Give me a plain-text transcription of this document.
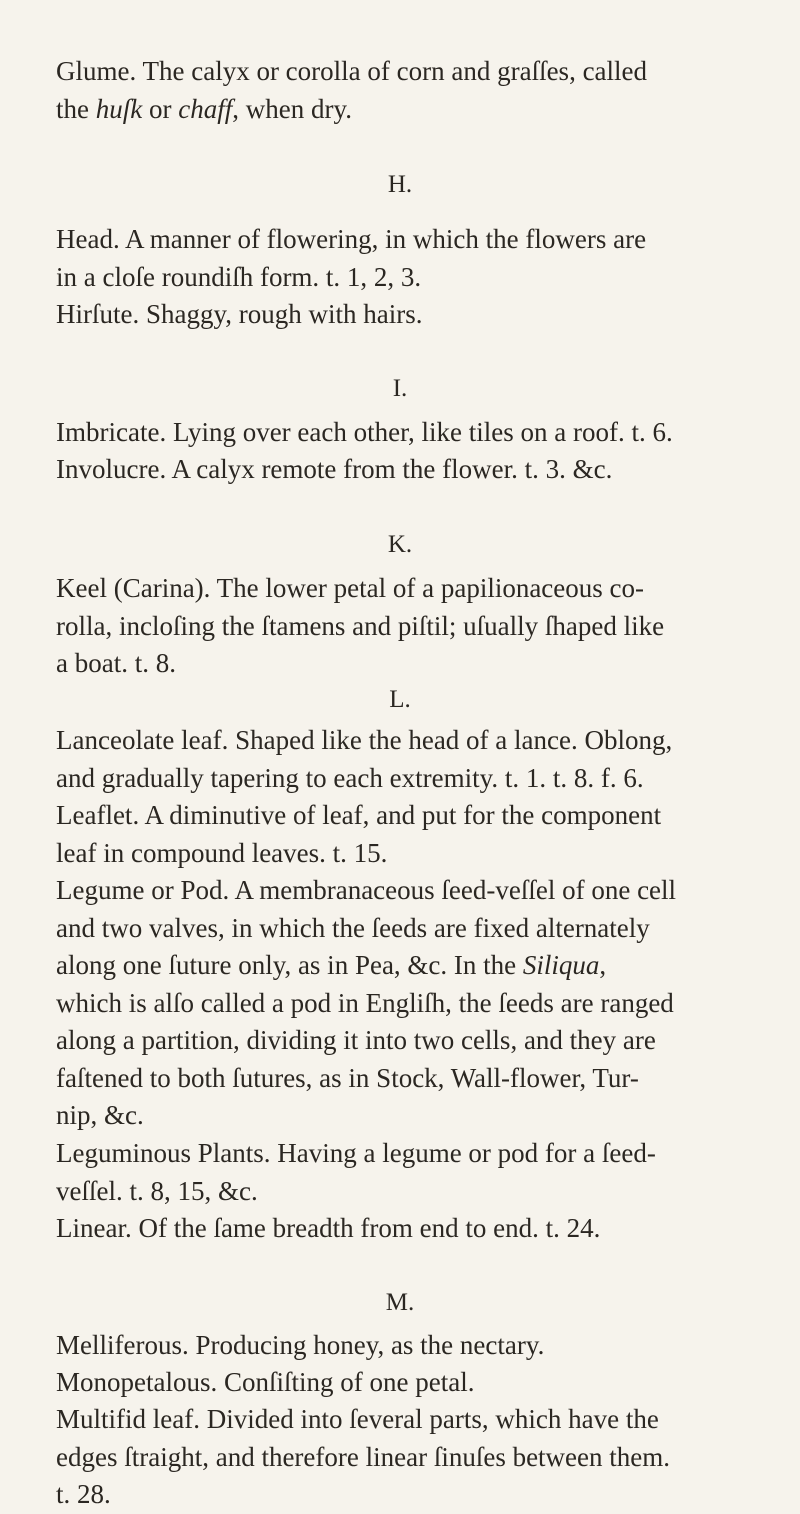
Glume. The calyx or corolla of corn and graſſes, called
the huſk or chaff, when dry.
H.
Head. A manner of flowering, in which the flowers are
in a cloſe roundiſh form. t. 1, 2, 3.
Hirſute. Shaggy, rough with hairs.
I.
Imbricate. Lying over each other, like tiles on a roof. t. 6.
Involucre. A calyx remote from the flower. t. 3. &c.
K.
Keel (Carina). The lower petal of a papilionaceous co-
rolla, incloſing the ſtamens and piſtil; uſually ſhaped like
a boat. t. 8.
L.
Lanceolate leaf. Shaped like the head of a lance. Oblong,
and gradually tapering to each extremity. t. 1. t. 8. f. 6.
Leaflet. A diminutive of leaf, and put for the component
leaf in compound leaves. t. 15.
Legume or Pod. A membranaceous ſeed-veſſel of one cell
and two valves, in which the ſeeds are fixed alternately
along one ſuture only, as in Pea, &c. In the Siliqua,
which is alſo called a pod in Engliſh, the ſeeds are ranged
along a partition, dividing it into two cells, and they are
faſtened to both ſutures, as in Stock, Wall-flower, Tur-
nip, &c.
Leguminous Plants. Having a legume or pod for a ſeed-
veſſel. t. 8, 15, &c.
Linear. Of the ſame breadth from end to end. t. 24.
M.
Melliferous. Producing honey, as the nectary.
Monopetalous. Conſiſting of one petal.
Multifid leaf. Divided into ſeveral parts, which have the
edges ſtraight, and therefore linear ſinuſes between them.
t. 28.
